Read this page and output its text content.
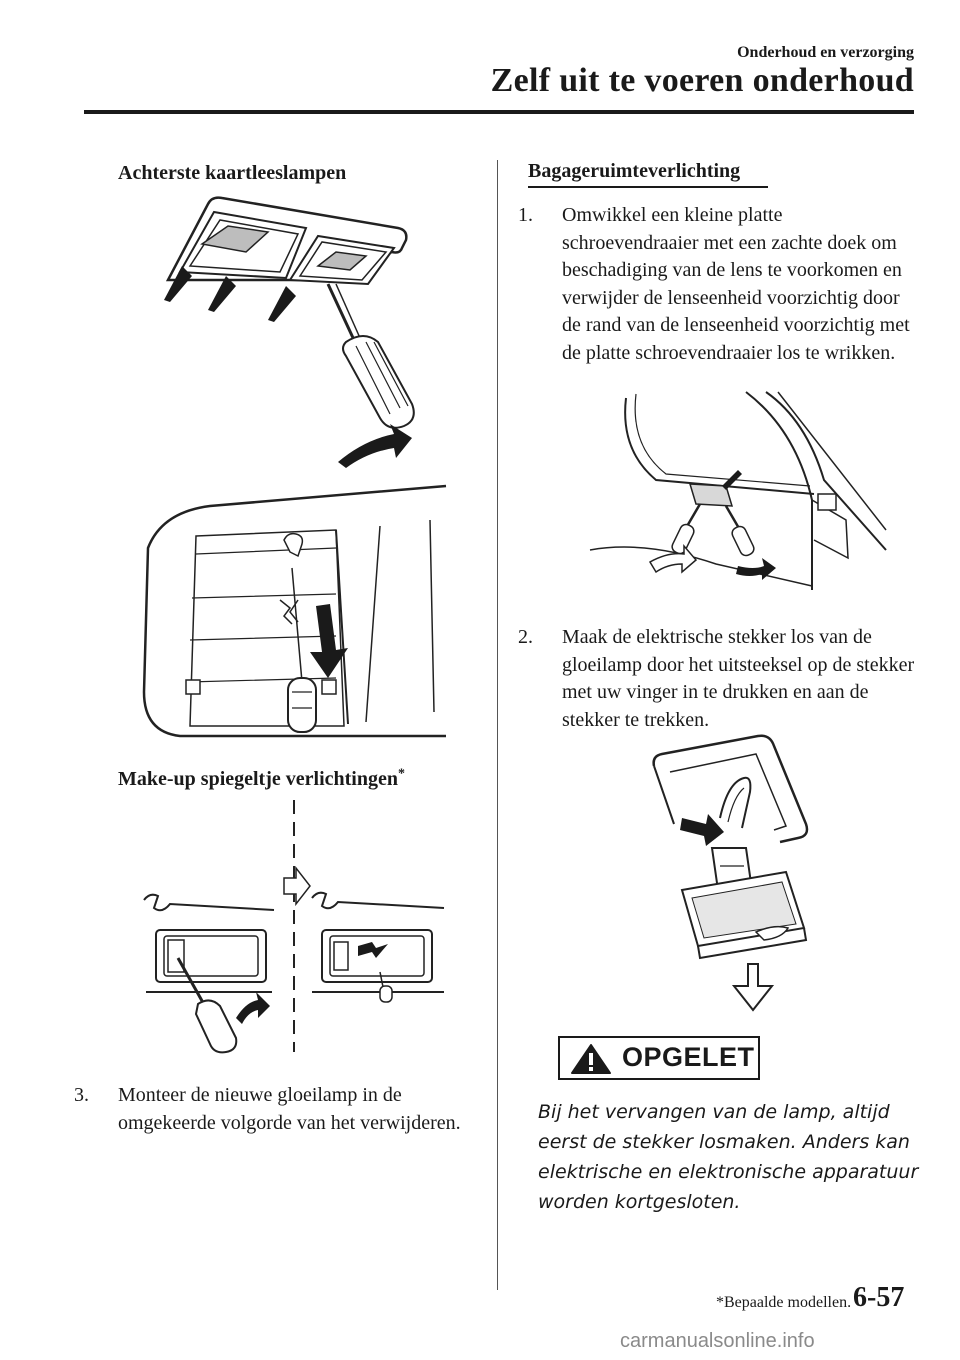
Onderhoud en verzorging
Zelf uit te voeren onderhoud
Achterste kaartleeslampen
Make-up spiegeltje verlichtingen*
3.	Monteer de nieuwe gloeilamp in de omgekeerde volgorde van het verwijderen.
Bagageruimteverlichting
1.	Omwikkel een kleine platte schroevendraaier met een zachte doek om beschadiging van de lens te voorkomen en verwijder de lenseenheid voorzichtig door de rand van de lenseenheid voorzichtig met de platte schroevendraaier los te wrikken.
2.	Maak de elektrische stekker los van de gloeilamp door het uitsteeksel op de stekker met uw vinger in te drukken en aan de stekker te trekken.
OPGELET
Bij het vervangen van de lamp, altijd eerst de stekker losmaken. Anders kan elektrische en elektronische apparatuur worden kortgesloten.
*Bepaalde modellen. 6-57
carmanualsonline.info
